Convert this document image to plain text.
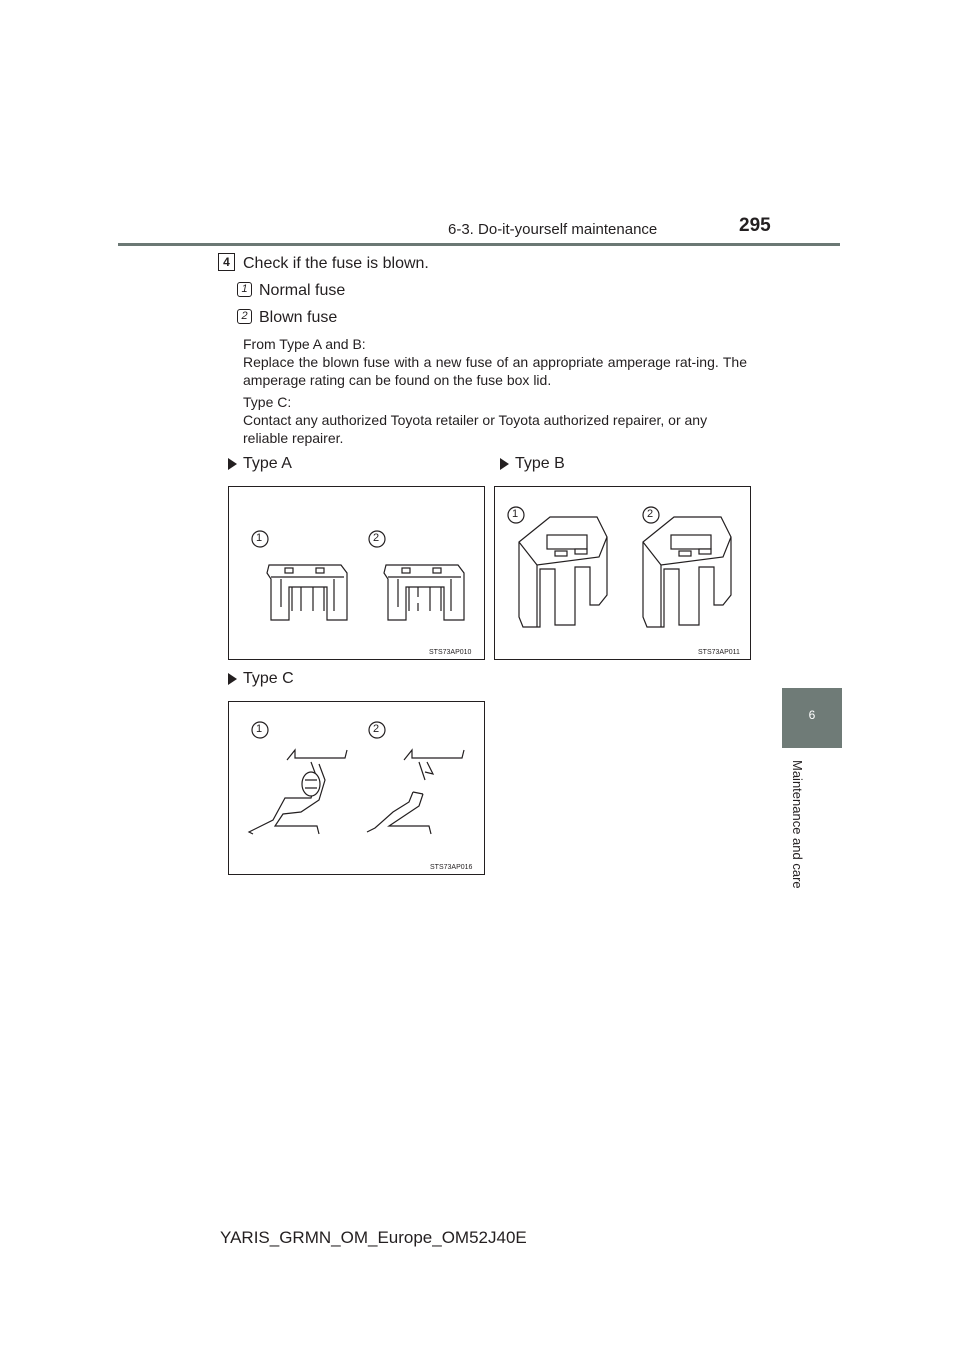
6-3. Do-it-yourself maintenance	295
6
Maintenance and care
4 Check if the fuse is blown.
1 Normal fuse
2 Blown fuse
From Type A and B:
Replace the blown fuse with a new fuse of an appropriate amperage rat-ing. The amperage rating can be found on the fuse box lid.
Type C:
Contact any authorized Toyota retailer or Toyota authorized repairer, or any reliable repairer.
Type A	Type B
Type C
1	2
STS73AP010
1	2
STS73AP011
1	2
STS73AP016
YARIS_GRMN_OM_Europe_OM52J40E
